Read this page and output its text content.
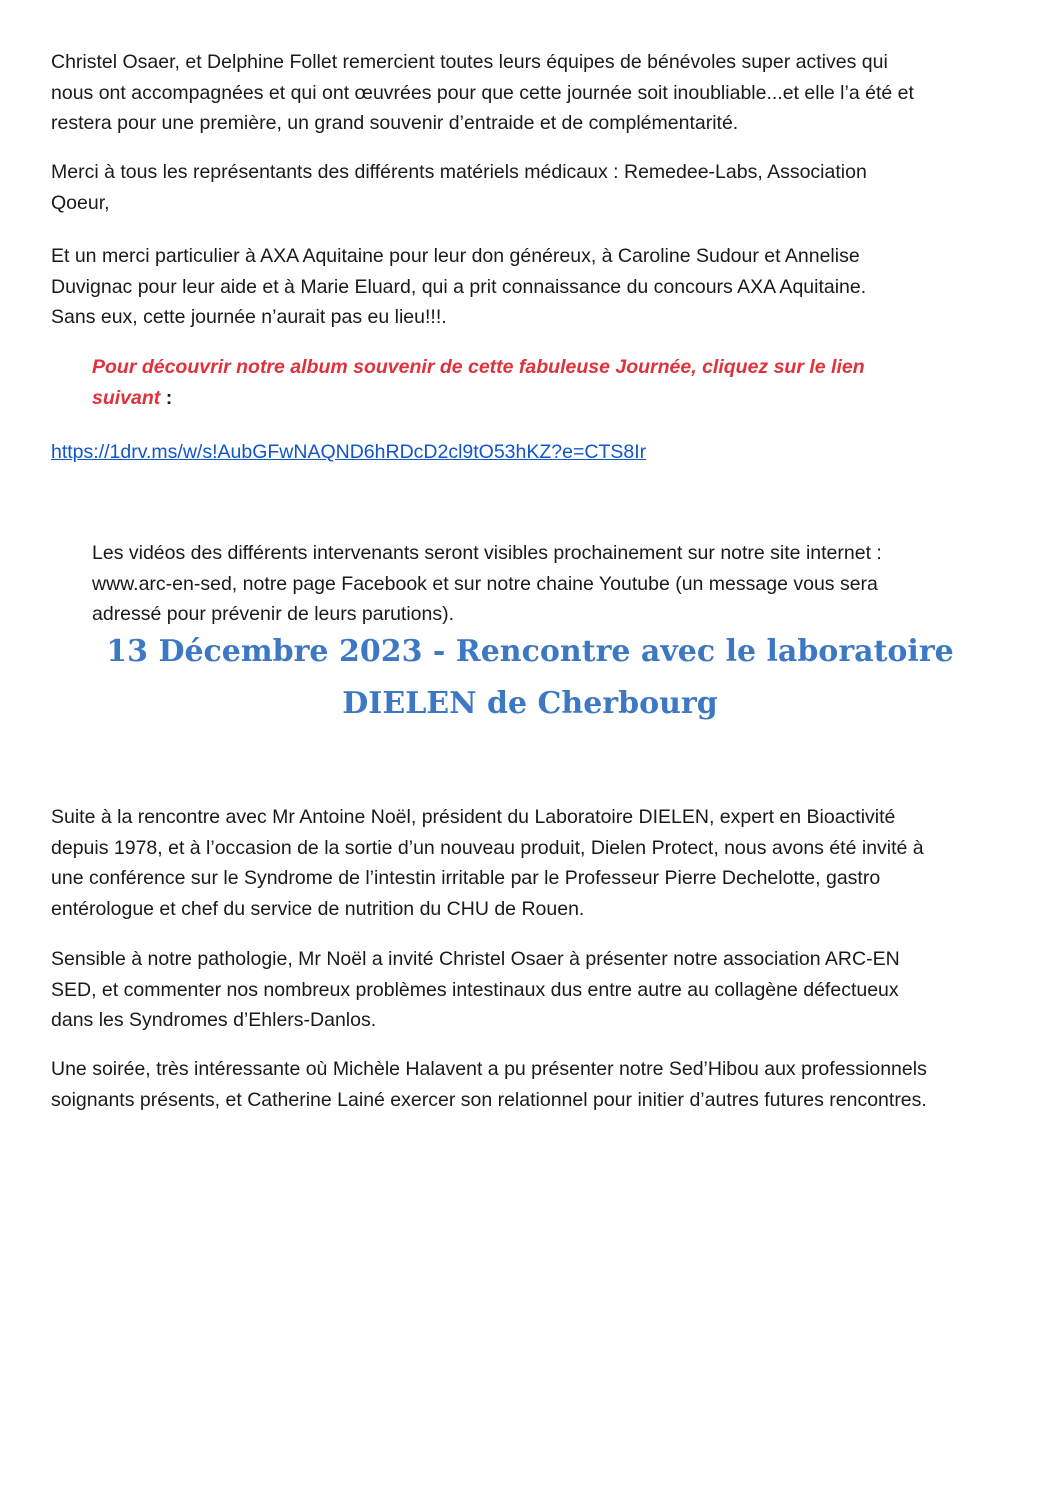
Christel Osaer, et Delphine Follet remercient toutes leurs équipes de bénévoles super actives qui
nous ont accompagnées et qui ont œuvrées pour que cette journée soit inoubliable...et elle l’a été et
restera pour une première, un grand souvenir d’entraide et de complémentarité.

Merci à tous les représentants des différents matériels médicaux : Remedee-Labs, Association
Qoeur,

Et un merci particulier à AXA Aquitaine pour leur don généreux, à Caroline Sudour et Annelise
Duvignac pour leur aide et à Marie Eluard, qui a prit connaissance du concours AXA Aquitaine.
Sans eux, cette journée n’aurait pas eu lieu!!!.

Pour découvrir notre album souvenir de cette fabuleuse Journée, cliquez sur le lien
suivant :

https://1drv.ms/w/s!AubGFwNAQND6hRDcD2cl9tO53hKZ?e=CTS8Ir

Les vidéos des différents intervenants seront visibles prochainement sur notre site internet :
www.arc-en-sed, notre page Facebook et sur notre chaine Youtube (un message vous sera
adressé pour prévenir de leurs parutions).

13 Décembre 2023 - Rencontre avec le laboratoire
DIELEN de Cherbourg

Suite à la rencontre avec Mr Antoine Noël, président du Laboratoire DIELEN, expert en Bioactivité
depuis 1978, et à l’occasion de la sortie d’un nouveau produit, Dielen Protect, nous avons été invité à
une conférence sur le Syndrome de l’intestin irritable par le Professeur Pierre Dechelotte, gastro
entérologue et chef du service de nutrition du CHU de Rouen.

Sensible à notre pathologie, Mr Noël a invité Christel Osaer à présenter notre association ARC-EN
SED, et commenter nos nombreux problèmes intestinaux dus entre autre au collagène défectueux
dans les Syndromes d’Ehlers-Danlos.

Une soirée, très intéressante où Michèle Halavent a pu présenter notre Sed’Hibou aux professionnels
soignants présents, et Catherine Lainé exercer son relationnel pour initier d’autres futures rencontres.
